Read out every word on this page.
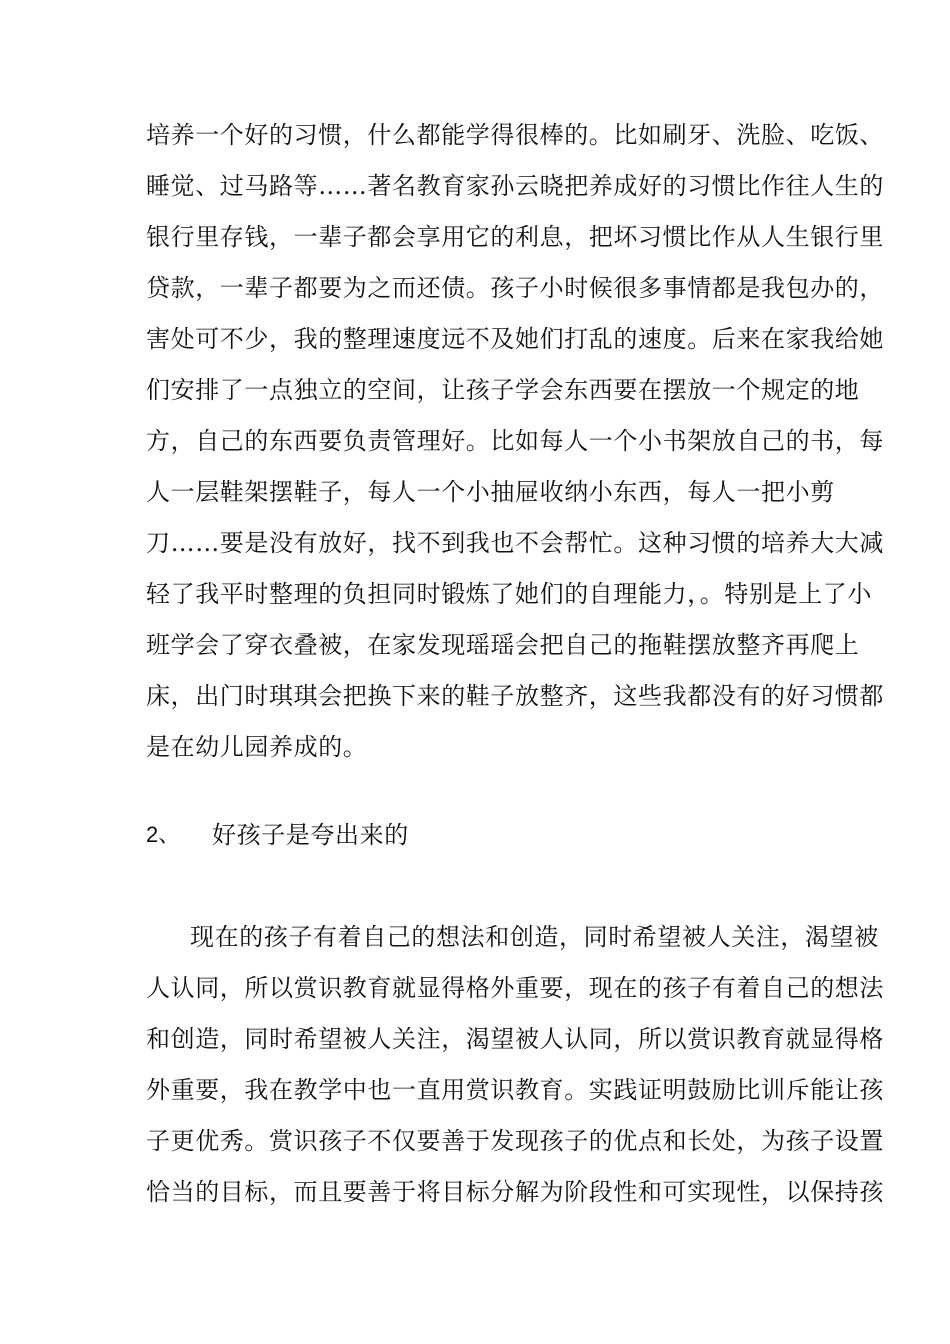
培养一个好的习惯，什么都能学得很棒的。比如刷牙、洗脸、吃饭、
睡觉、过马路等……著名教育家孙云晓把养成好的习惯比作往人生的
银行里存钱，一辈子都会享用它的利息，把坏习惯比作从人生银行里
贷款，一辈子都要为之而还债。孩子小时候很多事情都是我包办的，
害处可不少，我的整理速度远不及她们打乱的速度。后来在家我给她
们安排了一点独立的空间，让孩子学会东西要在摆放一个规定的地
方，自己的东西要负责管理好。比如每人一个小书架放自己的书，每
人一层鞋架摆鞋子，每人一个小抽屉收纳小东西，每人一把小剪
刀……要是没有放好，找不到我也不会帮忙。这种习惯的培养大大减
轻了我平时整理的负担同时锻炼了她们的自理能力，。特别是上了小
班学会了穿衣叠被，在家发现瑶瑶会把自己的拖鞋摆放整齐再爬上
床，出门时琪琪会把换下来的鞋子放整齐，这些我都没有的好习惯都
是在幼儿园养成的。
2、 好孩子是夸出来的
现在的孩子有着自己的想法和创造，同时希望被人关注，渴望被
人认同，所以赏识教育就显得格外重要，现在的孩子有着自己的想法
和创造，同时希望被人关注，渴望被人认同，所以赏识教育就显得格
外重要，我在教学中也一直用赏识教育。实践证明鼓励比训斥能让孩
子更优秀。赏识孩子不仅要善于发现孩子的优点和长处，为孩子设置
恰当的目标，而且要善于将目标分解为阶段性和可实现性，以保持孩
